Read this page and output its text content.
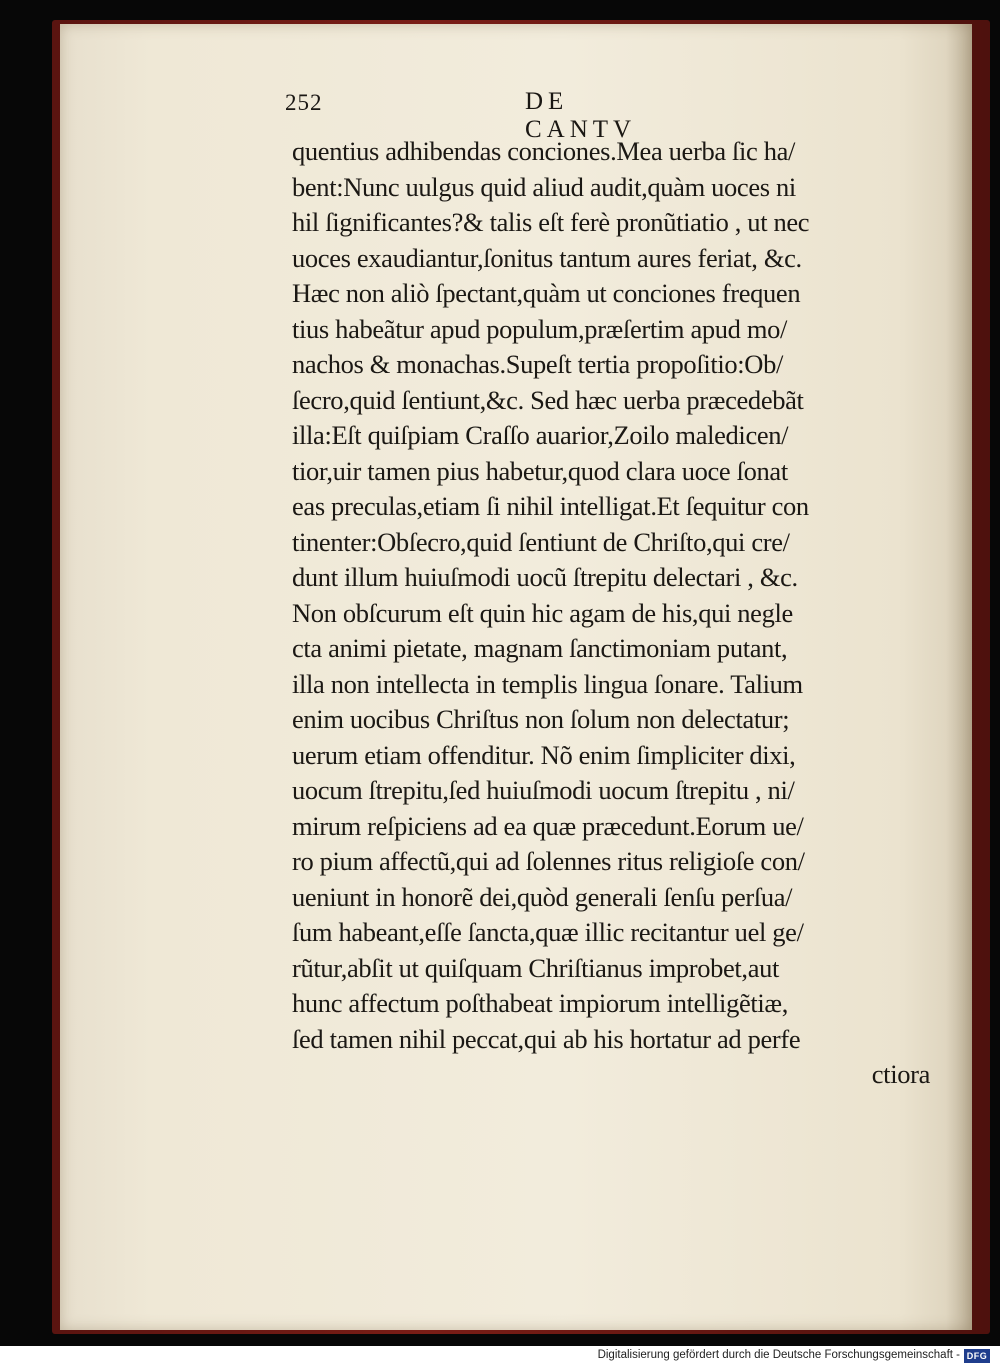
252	DE CANTV
quentius adhibendas conciones.Mea uerba ſic ha/
bent:Nunc uulgus quid aliud audit,quàm uoces ni
hil ſignificantes?& talis eſt ferè pronũtiatio , ut nec
uoces exaudiantur,ſonitus tantum aures feriat, &c.
Hæc non aliò ſpectant,quàm ut conciones frequen
tius habeãtur apud populum,præſertim apud mo/
nachos & monachas.Supeſt tertia propoſitio:Ob/
ſecro,quid ſentiunt,&c. Sed hæc uerba præcedebãt
illa:Eſt quiſpiam Craſſo auarior,Zoilo maledicen/
tior,uir tamen pius habetur,quod clara uoce ſonat
eas preculas,etiam ſi nihil intelligat.Et ſequitur con
tinenter:Obſecro,quid ſentiunt de Chriſto,qui cre/
dunt illum huiuſmodi uocũ ſtrepitu delectari , &c.
Non obſcurum eſt quin hic agam de his,qui negle
cta animi pietate, magnam ſanctimoniam putant,
illa non intellecta in templis lingua ſonare. Talium
enim uocibus Chriſtus non ſolum non delectatur;
uerum etiam offenditur. Nõ enim ſimpliciter dixi,
uocum ſtrepitu,ſed huiuſmodi uocum ſtrepitu , ni/
mirum reſpiciens ad ea quæ præcedunt.Eorum ue/
ro pium affectũ,qui ad ſolennes ritus religioſe con/
ueniunt in honorẽ dei,quòd generali ſenſu perſua/
ſum habeant,eſſe ſancta,quæ illic recitantur uel ge/
rũtur,abſit ut quiſquam Chriſtianus improbet,aut
hunc affectum poſthabeat impiorum intelligẽtiæ,
ſed tamen nihil peccat,qui ab his hortatur ad perfe
ctiora
Digitalisierung gefördert durch die Deutsche Forschungsgemeinschaft - DFG
